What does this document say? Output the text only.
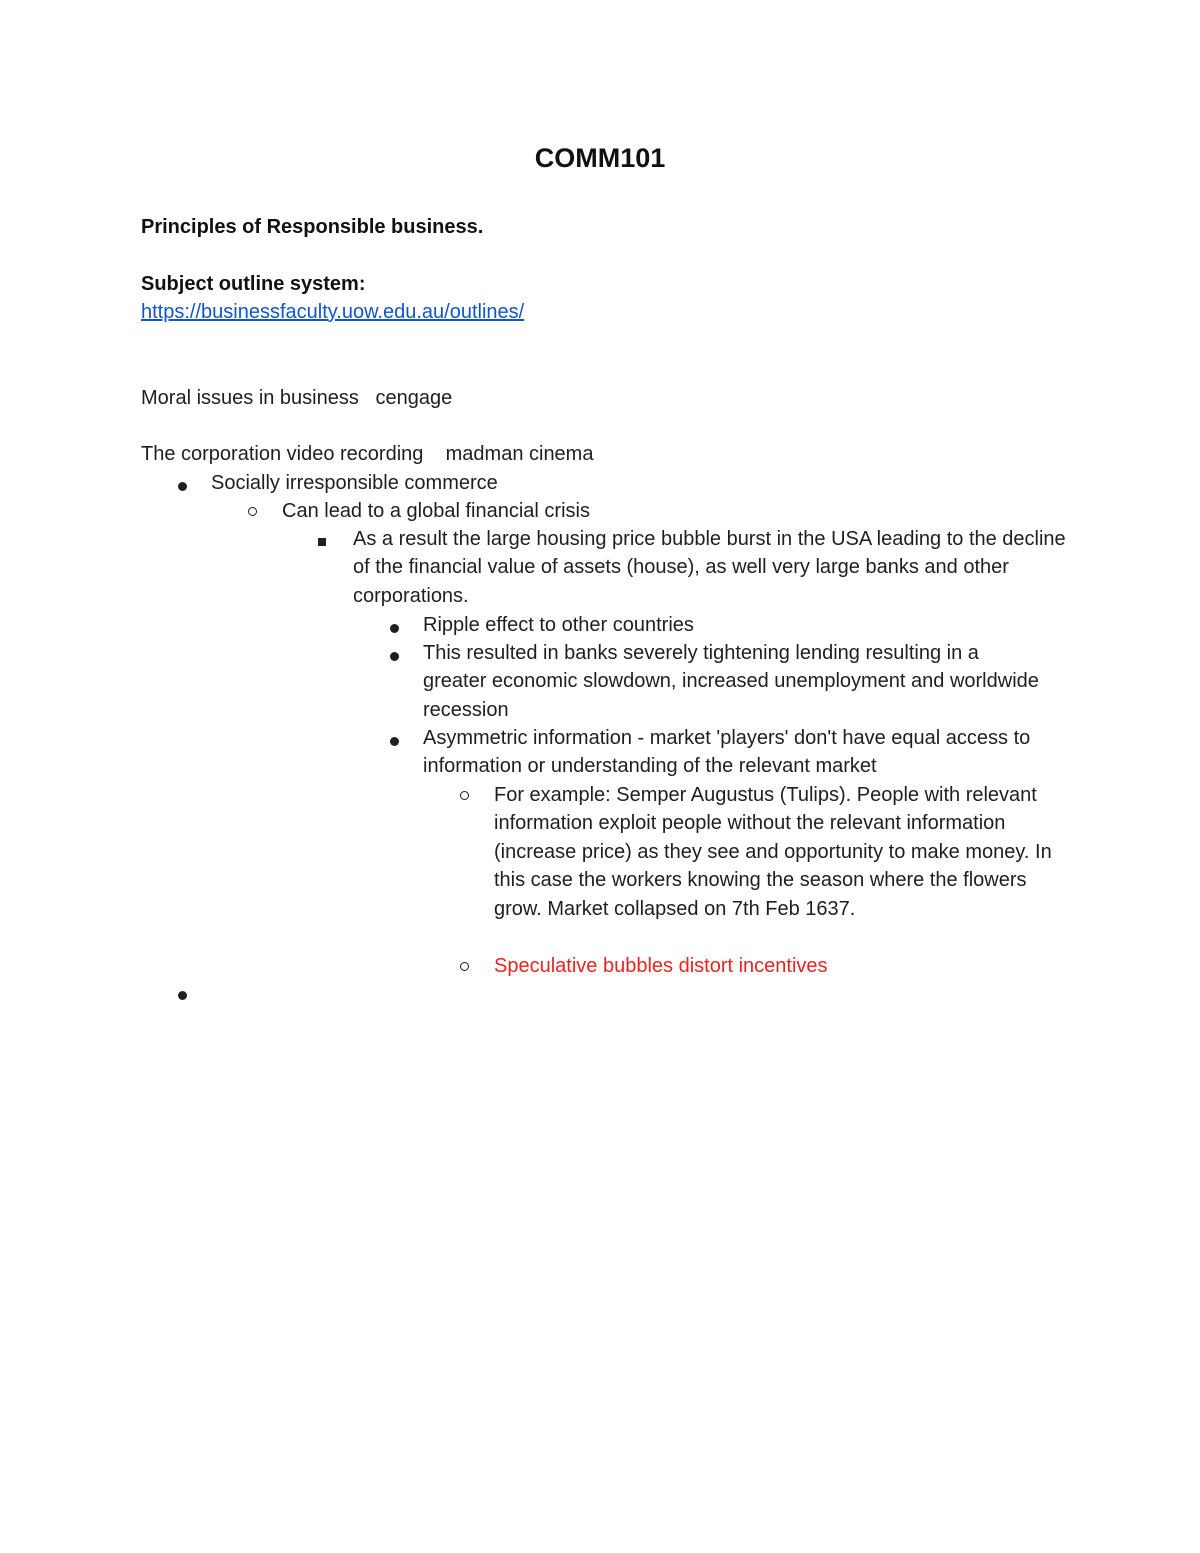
COMM101
Principles of Responsible business.
Subject outline system:
https://businessfaculty.uow.edu.au/outlines/
Moral issues in business cengage
The corporation video recording madman cinema
Socially irresponsible commerce
Can lead to a global financial crisis
As a result the large housing price bubble burst in the USA leading to the decline of the financial value of assets (house), as well very large banks and other corporations.
Ripple effect to other countries
This resulted in banks severely tightening lending resulting in a greater economic slowdown, increased unemployment and worldwide recession
Asymmetric information - market 'players' don't have equal access to information or understanding of the relevant market
For example: Semper Augustus (Tulips). People with relevant information exploit people without the relevant information (increase price) as they see and opportunity to make money. In this case the workers knowing the season where the flowers grow. Market collapsed on 7th Feb 1637.
Speculative bubbles distort incentives
